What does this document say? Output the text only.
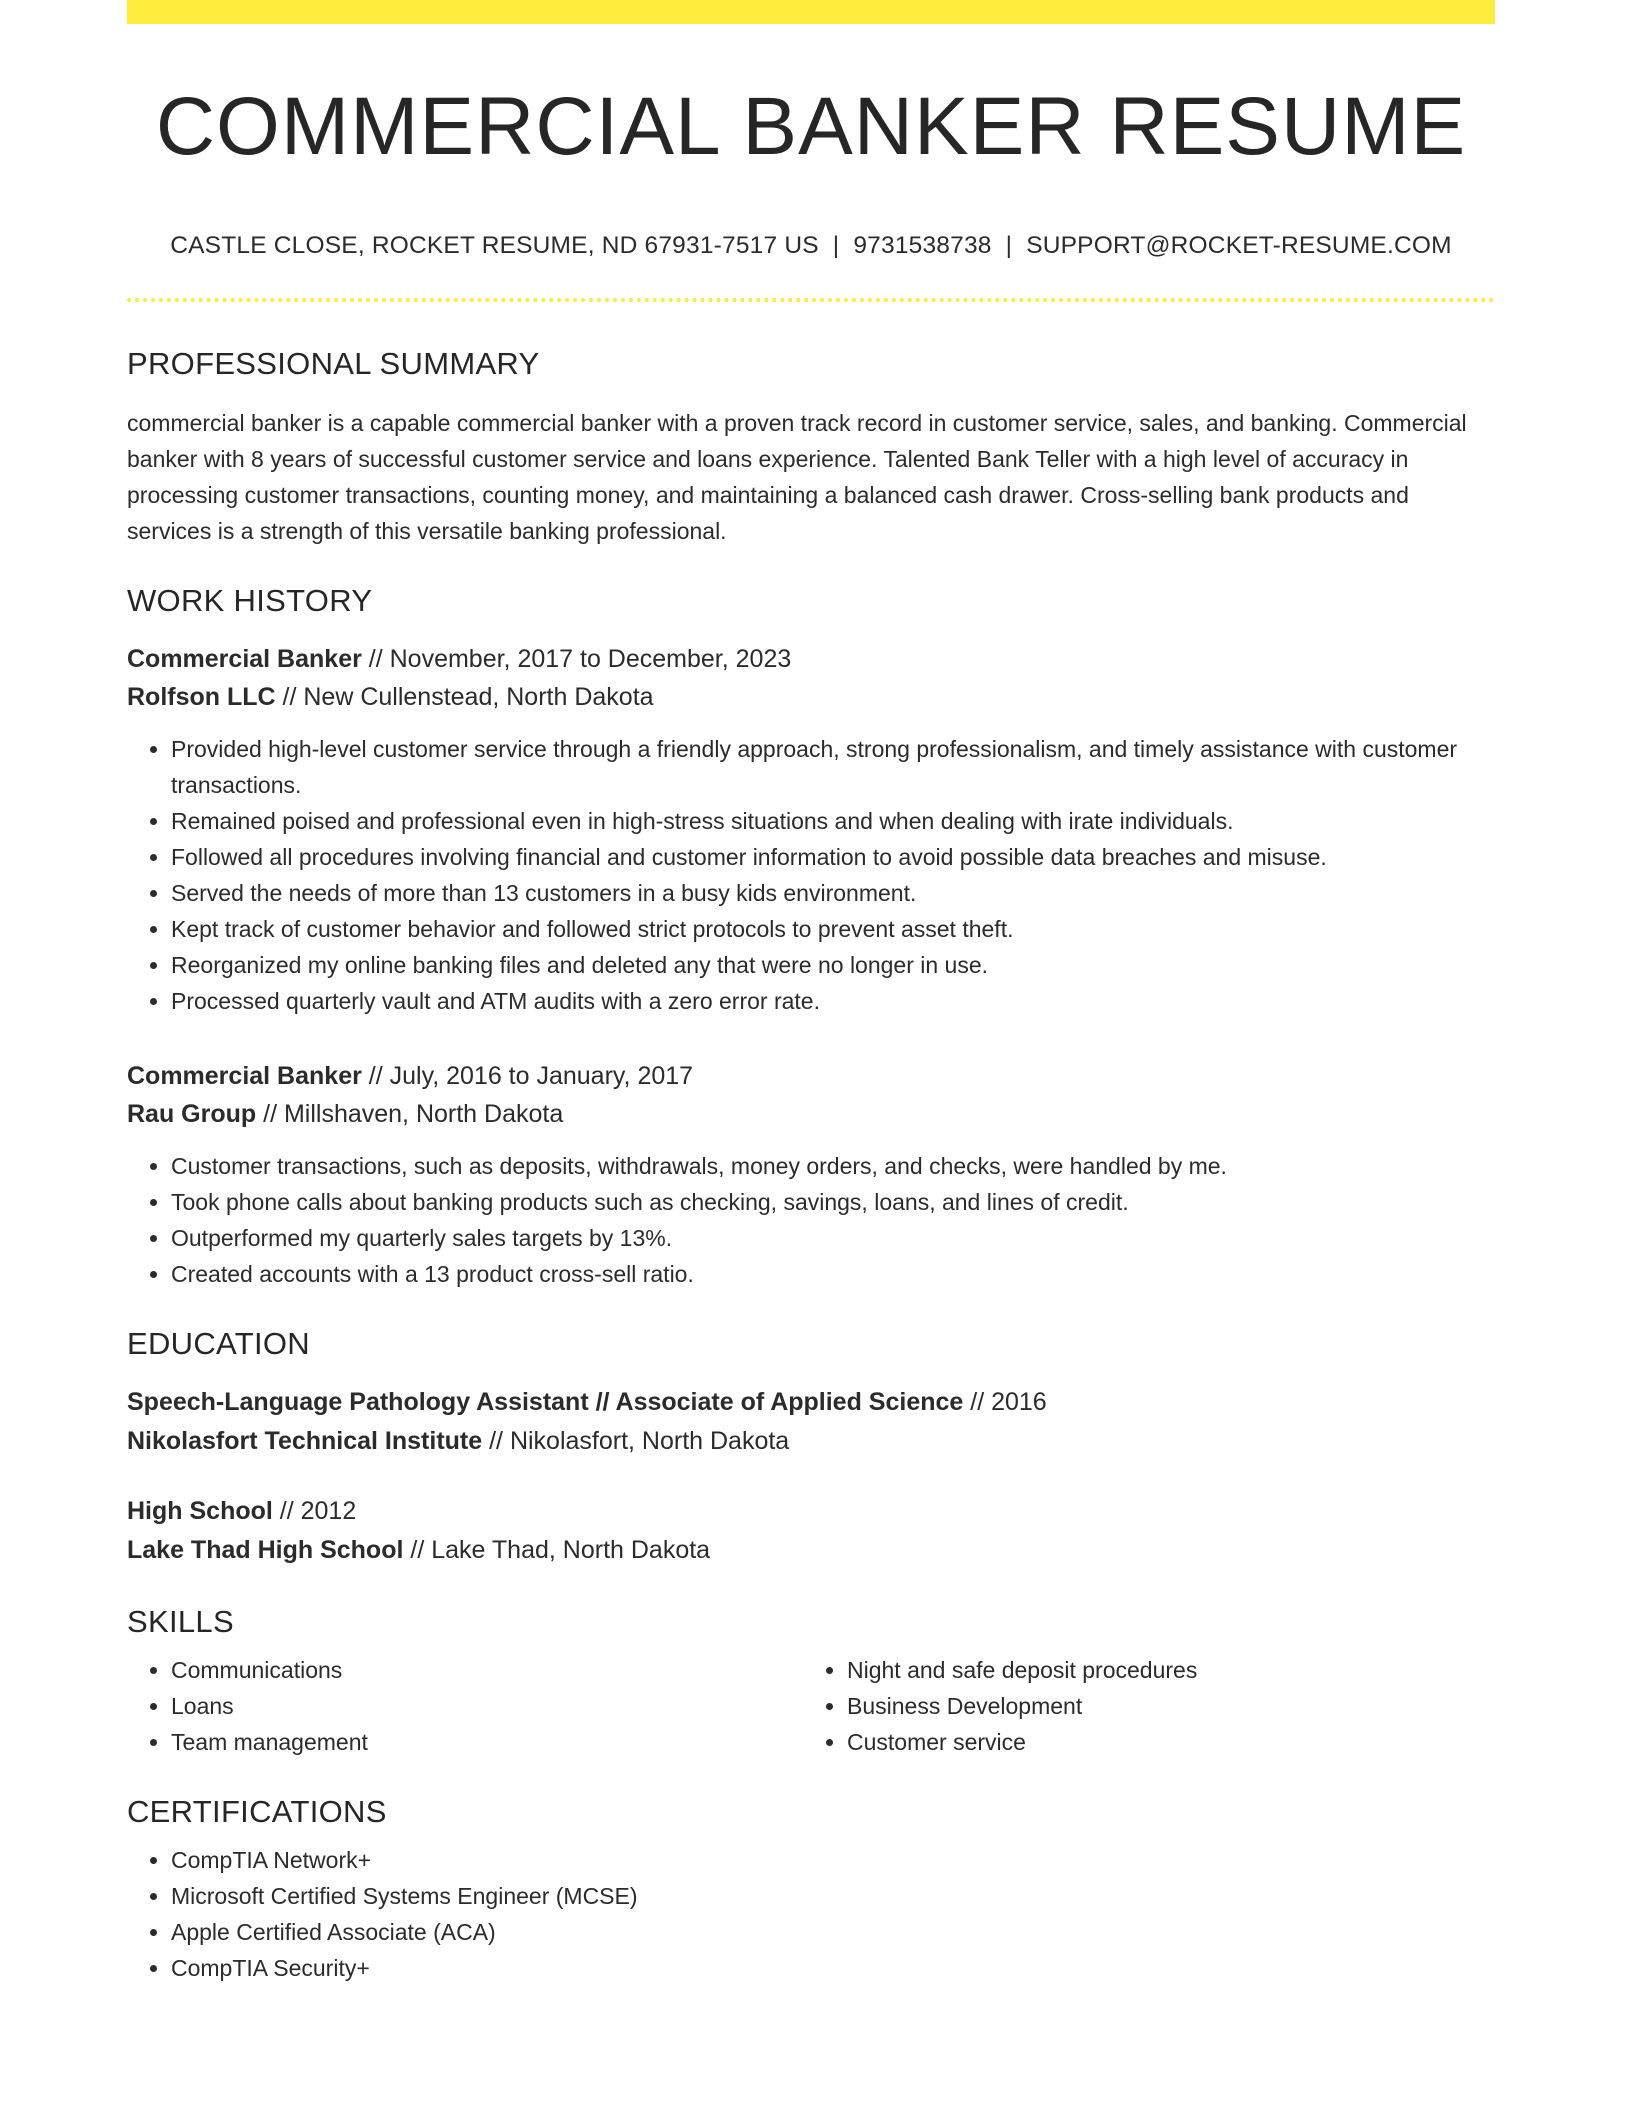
COMMERCIAL BANKER RESUME
CASTLE CLOSE, ROCKET RESUME, ND 67931-7517 US | 9731538738 | SUPPORT@ROCKET-RESUME.COM
PROFESSIONAL SUMMARY

commercial banker is a capable commercial banker with a proven track record in customer service, sales, and banking. Commercial banker with 8 years of successful customer service and loans experience. Talented Bank Teller with a high level of accuracy in processing customer transactions, counting money, and maintaining a balanced cash drawer. Cross-selling bank products and services is a strength of this versatile banking professional.

WORK HISTORY
Commercial Banker // November, 2017 to December, 2023
Rolfson LLC // New Cullenstead, North Dakota
• Provided high-level customer service through a friendly approach, strong professionalism, and timely assistance with customer transactions.
• Remained poised and professional even in high-stress situations and when dealing with irate individuals.
• Followed all procedures involving financial and customer information to avoid possible data breaches and misuse.
• Served the needs of more than 13 customers in a busy kids environment.
• Kept track of customer behavior and followed strict protocols to prevent asset theft.
• Reorganized my online banking files and deleted any that were no longer in use.
• Processed quarterly vault and ATM audits with a zero error rate.
Commercial Banker // July, 2016 to January, 2017
Rau Group // Millshaven, North Dakota
• Customer transactions, such as deposits, withdrawals, money orders, and checks, were handled by me.
• Took phone calls about banking products such as checking, savings, loans, and lines of credit.
• Outperformed my quarterly sales targets by 13%.
• Created accounts with a 13 product cross-sell ratio.
EDUCATION
Speech-Language Pathology Assistant // Associate of Applied Science // 2016
Nikolasfort Technical Institute // Nikolasfort, North Dakota
High School // 2012
Lake Thad High School // Lake Thad, North Dakota
SKILLS
• Communications
• Loans
• Team management
• Night and safe deposit procedures
• Business Development
• Customer service
CERTIFICATIONS
• CompTIA Network+
• Microsoft Certified Systems Engineer (MCSE)
• Apple Certified Associate (ACA)
• CompTIA Security+
